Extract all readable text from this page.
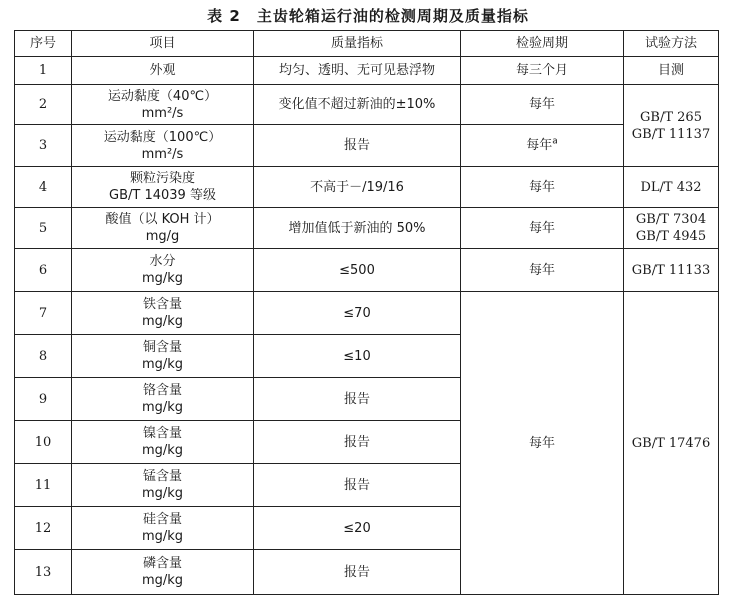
表 2　主齿轮箱运行油的检测周期及质量指标
序号	项目	质量指标	检验周期	试验方法
1	外观	均匀、透明、无可见悬浮物	每三个月	目测
2	运动黏度（40℃）
mm²/s	变化值不超过新油的±10%	每年	GB/T 265
GB/T 11137

3	运动黏度（100℃）
mm²/s	报告	每年$^a$
4	颗粒污染度
GB/T 14039 等级	不高于－/19/16	每年	DL/T 432
5	酸值（以 KOH 计）
mg/g	增加值低于新油的 50%	每年	GB/T 7304
GB/T 4945

6	水分
mg/kg	≤500	每年	GB/T 11133
7	铁含量
mg/kg	≤70	每年	GB/T 17476
8	铜含量
mg/kg	≤10		
9	铬含量
mg/kg	报告		
10	镍含量
mg/kg	报告		
11	锰含量
mg/kg	报告		
12	硅含量
mg/kg	≤20		
13	磷含量
mg/kg	报告		
